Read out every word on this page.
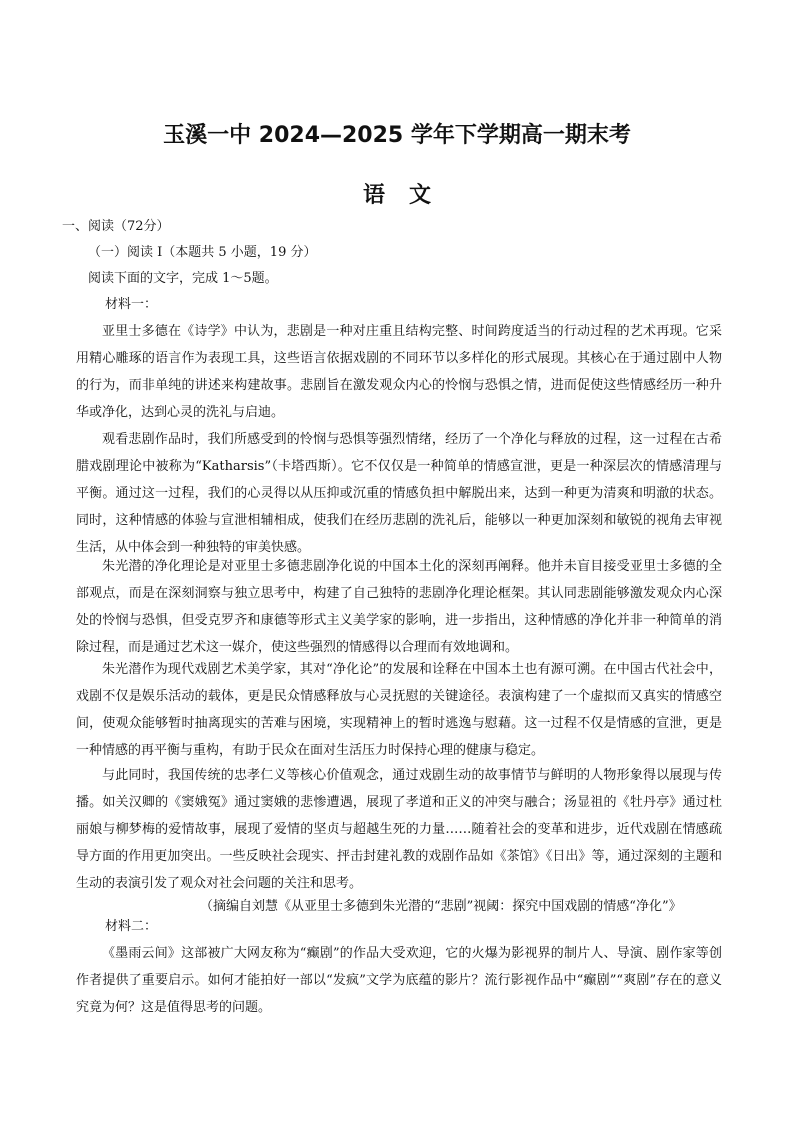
玉溪一中 2024—2025 学年下学期高一期末考
语文
一、阅读（72分）
（一）阅读 I（本题共 5 小题，19 分）
阅读下面的文字，完成 1～5题。
材料一：
亚里士多德在《诗学》中认为，悲剧是一种对庄重且结构完整、时间跨度适当的行动过程的艺术再现。它采用精心雕琢的语言作为表现工具，这些语言依据戏剧的不同环节以多样化的形式展现。其核心在于通过剧中人物的行为，而非单纯的讲述来构建故事。悲剧旨在激发观众内心的怜悯与恐惧之情，进而促使这些情感经历一种升华或净化，达到心灵的洗礼与启迪。
观看悲剧作品时，我们所感受到的怜悯与恐惧等强烈情绪，经历了一个净化与释放的过程，这一过程在古希腊戏剧理论中被称为“Katharsis”（卡塔西斯）。它不仅仅是一种简单的情感宣泄，更是一种深层次的情感清理与平衡。通过这一过程，我们的心灵得以从压抑或沉重的情感负担中解脱出来，达到一种更为清爽和明澈的状态。同时，这种情感的体验与宣泄相辅相成，使我们在经历悲剧的洗礼后，能够以一种更加深刻和敏锐的视角去审视生活，从中体会到一种独特的审美快感。
朱光潜的净化理论是对亚里士多德悲剧净化说的中国本土化的深刻再阐释。他并未盲目接受亚里士多德的全部观点，而是在深刻洞察与独立思考中，构建了自己独特的悲剧净化理论框架。其认同悲剧能够激发观众内心深处的怜悯与恐惧，但受克罗齐和康德等形式主义美学家的影响，进一步指出，这种情感的净化并非一种简单的消除过程，而是通过艺术这一媒介，使这些强烈的情感得以合理而有效地调和。
朱光潜作为现代戏剧艺术美学家，其对“净化论”的发展和诠释在中国本土也有源可溯。在中国古代社会中，戏剧不仅是娱乐活动的载体，更是民众情感释放与心灵抚慰的关键途径。表演构建了一个虚拟而又真实的情感空间，使观众能够暂时抽离现实的苦难与困境，实现精神上的暂时逃逸与慰藉。这一过程不仅是情感的宣泄，更是一种情感的再平衡与重构，有助于民众在面对生活压力时保持心理的健康与稳定。
与此同时，我国传统的忠孝仁义等核心价值观念，通过戏剧生动的故事情节与鲜明的人物形象得以展现与传播。如关汉卿的《窦娥冤》通过窦娥的悲惨遭遇，展现了孝道和正义的冲突与融合；汤显祖的《牡丹亭》通过杜丽娘与柳梦梅的爱情故事，展现了爱情的坚贞与超越生死的力量……随着社会的变革和进步，近代戏剧在情感疏导方面的作用更加突出。一些反映社会现实、抨击封建礼教的戏剧作品如《茶馆》《日出》等，通过深刻的主题和生动的表演引发了观众对社会问题的关注和思考。
（摘编自刘慧《从亚里士多德到朱光潜的“悲剧”视阈：探究中国戏剧的情感“净化”》
材料二：
《墨雨云间》这部被广大网友称为“癫剧”的作品大受欢迎，它的火爆为影视界的制片人、导演、剧作家等创作者提供了重要启示。如何才能拍好一部以“发疯”文学为底蕴的影片？流行影视作品中“癫剧”“爽剧”存在的意义究竟为何？这是值得思考的问题。
